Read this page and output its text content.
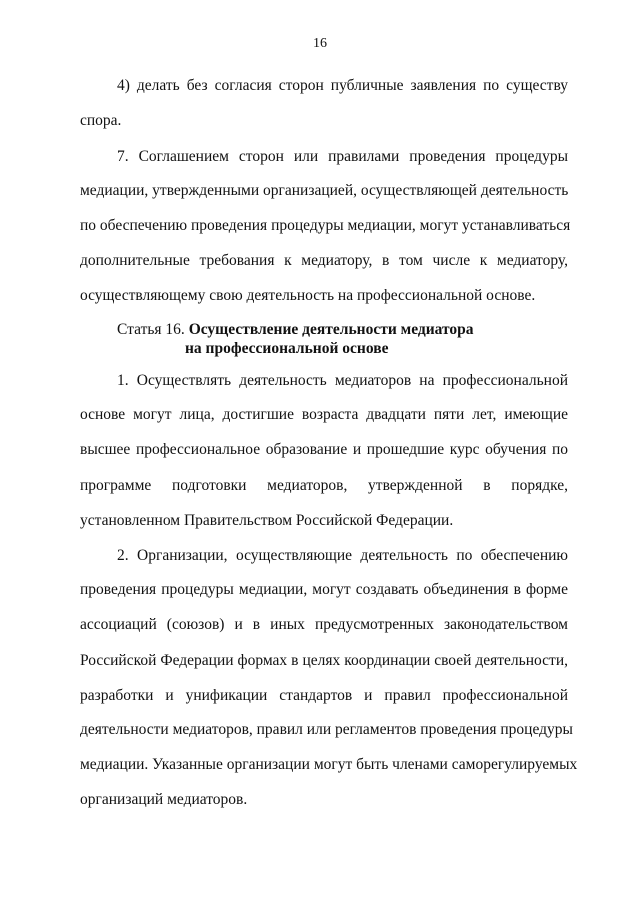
16
4) делать без согласия сторон публичные заявления по существу
спора.
7. Соглашением сторон или правилами проведения процедуры
медиации, утвержденными организацией, осуществляющей деятельность
по обеспечению проведения процедуры медиации, могут устанавливаться
дополнительные требования к медиатору, в том числе к медиатору,
осуществляющему свою деятельность на профессиональной основе.
Статья 16. Осуществление деятельности медиатора
на профессиональной основе
1. Осуществлять деятельность медиаторов на профессиональной
основе могут лица, достигшие возраста двадцати пяти лет, имеющие
высшее профессиональное образование и прошедшие курс обучения по
программе подготовки медиаторов, утвержденной в порядке,
установленном Правительством Российской Федерации.
2. Организации, осуществляющие деятельность по обеспечению
проведения процедуры медиации, могут создавать объединения в форме
ассоциаций (союзов) и в иных предусмотренных законодательством
Российской Федерации формах в целях координации своей деятельности,
разработки и унификации стандартов и правил профессиональной
деятельности медиаторов, правил или регламентов проведения процедуры
медиации. Указанные организации могут быть членами саморегулируемых
организаций медиаторов.
